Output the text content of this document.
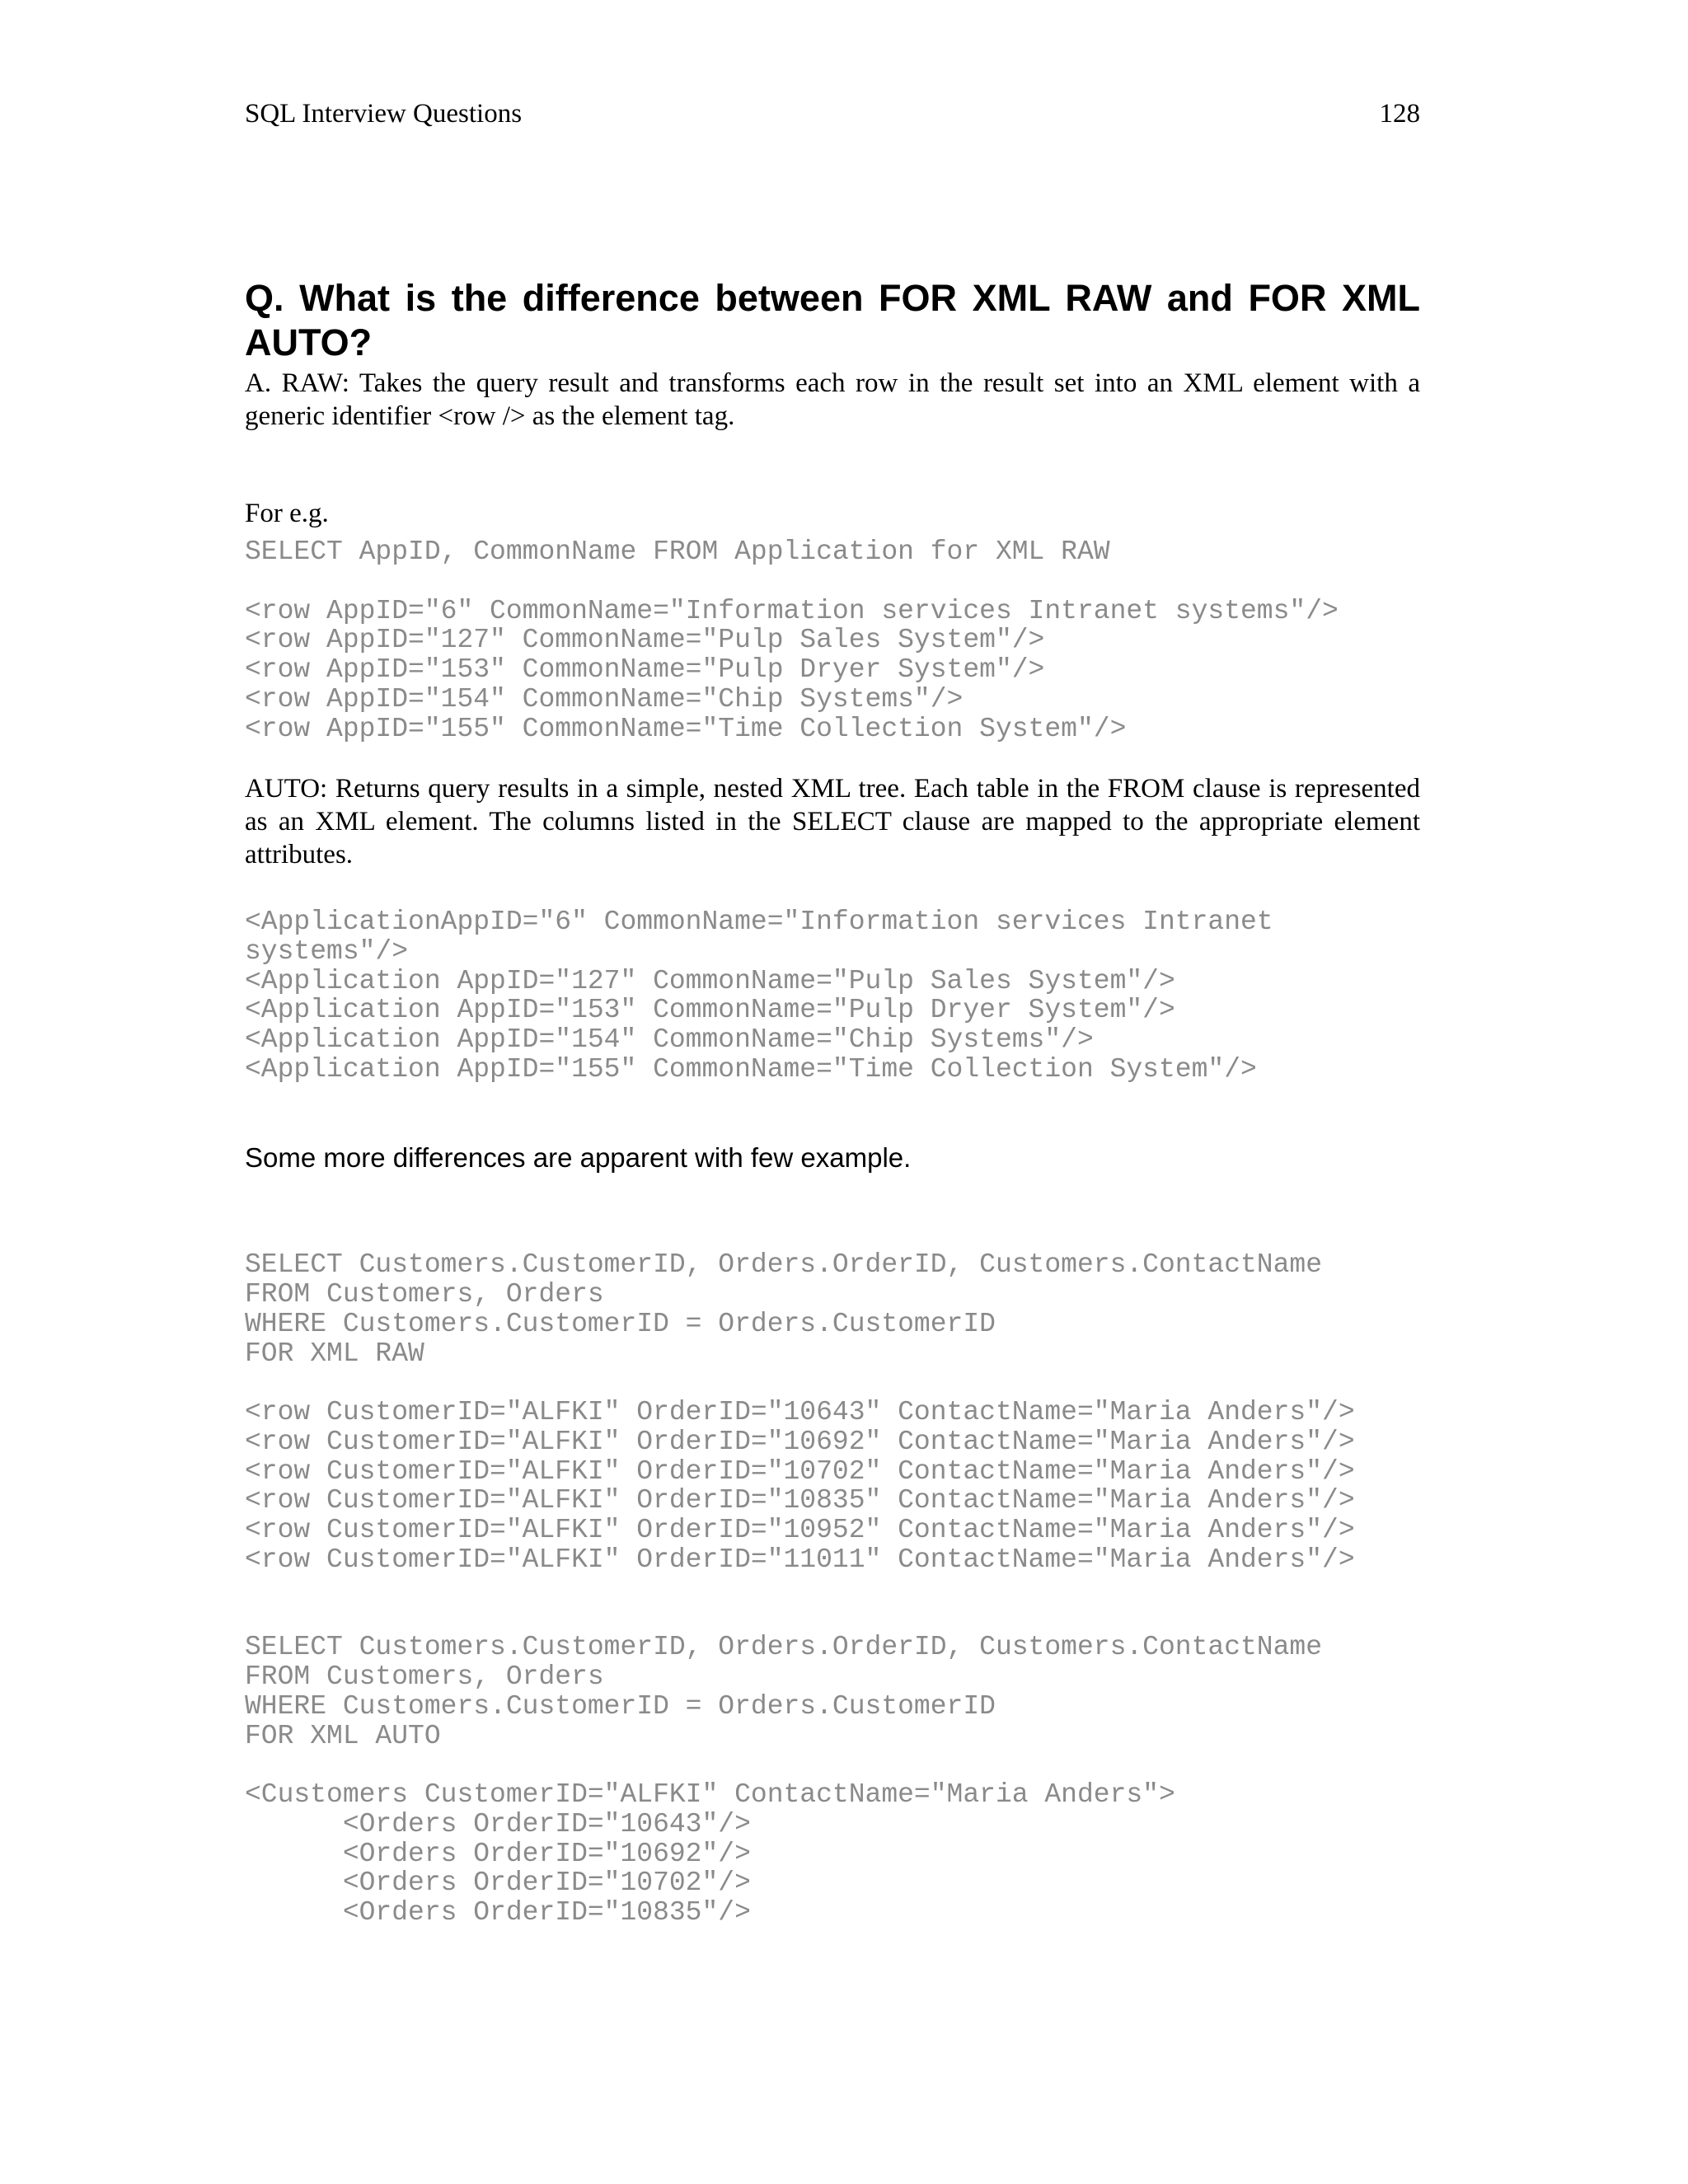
SQL Interview Questions	128
Q. What is the difference between FOR XML RAW and FOR XML AUTO?

A. RAW: Takes the query result and transforms each row in the result set into an XML element with a generic identifier <row /> as the element tag.

For e.g.

SELECT AppID, CommonName FROM Application for XML RAW
<row AppID="6" CommonName="Information services Intranet systems"/>
<row AppID="127" CommonName="Pulp Sales System"/>
<row AppID="153" CommonName="Pulp Dryer System"/>
<row AppID="154" CommonName="Chip Systems"/>
<row AppID="155" CommonName="Time Collection System"/>

AUTO: Returns query results in a simple, nested XML tree. Each table in the FROM clause is represented as an XML element. The columns listed in the SELECT clause are mapped to the appropriate element attributes.

<ApplicationAppID="6" CommonName="Information services Intranet
systems"/>
<Application AppID="127" CommonName="Pulp Sales System"/>
<Application AppID="153" CommonName="Pulp Dryer System"/>
<Application AppID="154" CommonName="Chip Systems"/>
<Application AppID="155" CommonName="Time Collection System"/>

Some more differences are apparent with few example.

SELECT Customers.CustomerID, Orders.OrderID, Customers.ContactName
FROM Customers, Orders
WHERE Customers.CustomerID = Orders.CustomerID
FOR XML RAW
<row CustomerID="ALFKI" OrderID="10643" ContactName="Maria Anders"/>
<row CustomerID="ALFKI" OrderID="10692" ContactName="Maria Anders"/>
<row CustomerID="ALFKI" OrderID="10702" ContactName="Maria Anders"/>
<row CustomerID="ALFKI" OrderID="10835" ContactName="Maria Anders"/>
<row CustomerID="ALFKI" OrderID="10952" ContactName="Maria Anders"/>
<row CustomerID="ALFKI" OrderID="11011" ContactName="Maria Anders"/>
SELECT Customers.CustomerID, Orders.OrderID, Customers.ContactName
FROM Customers, Orders
WHERE Customers.CustomerID = Orders.CustomerID
FOR XML AUTO
<Customers CustomerID="ALFKI" ContactName="Maria Anders">
<Orders OrderID="10643"/>
<Orders OrderID="10692"/>
<Orders OrderID="10702"/>
<Orders OrderID="10835"/>
